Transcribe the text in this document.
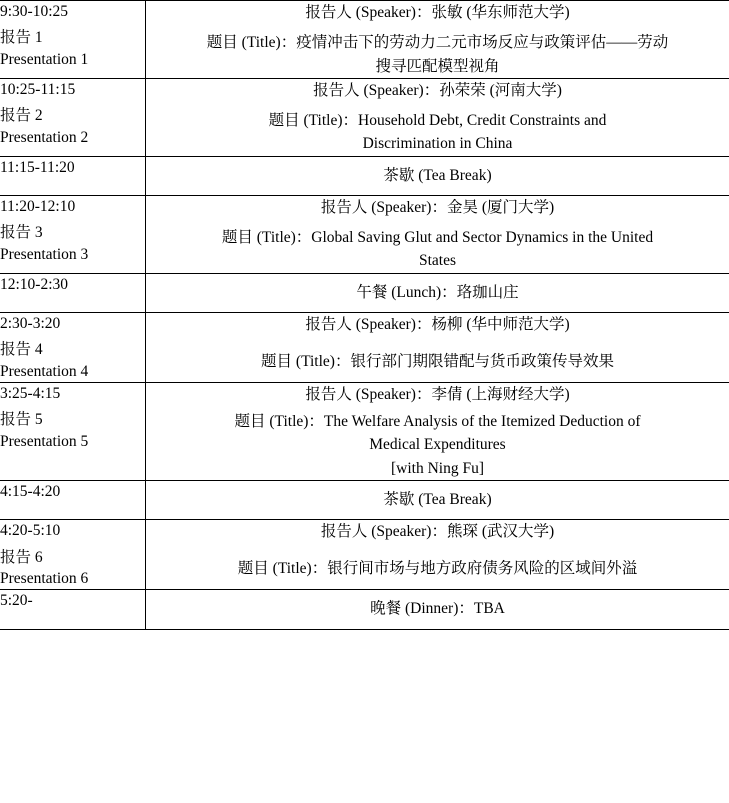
9:30-10:25
报告 1
Presentation 1	报告人 (Speaker)：张敏 (华东师范大学)
题目 (Title)：疫情冲击下的劳动力二元市场反应与政策评估——劳动
搜寻匹配模型视角

10:25-11:15
报告 2
Presentation 2	报告人 (Speaker)：孙荣荣 (河南大学)
题目 (Title)：Household Debt, Credit Constraints and
Discrimination in China

11:15-11:20	茶歇 (Tea Break)

11:20-12:10
报告 3
Presentation 3	报告人 (Speaker)：金昊 (厦门大学)
题目 (Title)：Global Saving Glut and Sector Dynamics in the United
States

12:10-2:30	午餐 (Lunch)：珞珈山庄

2:30-3:20
报告 4
Presentation 4	报告人 (Speaker)：杨柳 (华中师范大学)
题目 (Title)：银行部门期限错配与货币政策传导效果

3:25-4:15
报告 5
Presentation 5	报告人 (Speaker)：李倩 (上海财经大学)
题目 (Title)：The Welfare Analysis of the Itemized Deduction of
Medical Expenditures
[with Ning Fu]

4:15-4:20	茶歇 (Tea Break)

4:20-5:10
报告 6
Presentation 6	报告人 (Speaker)：熊琛 (武汉大学)
题目 (Title)：银行间市场与地方政府债务风险的区域间外溢

5:20-	晚餐 (Dinner)：TBA
